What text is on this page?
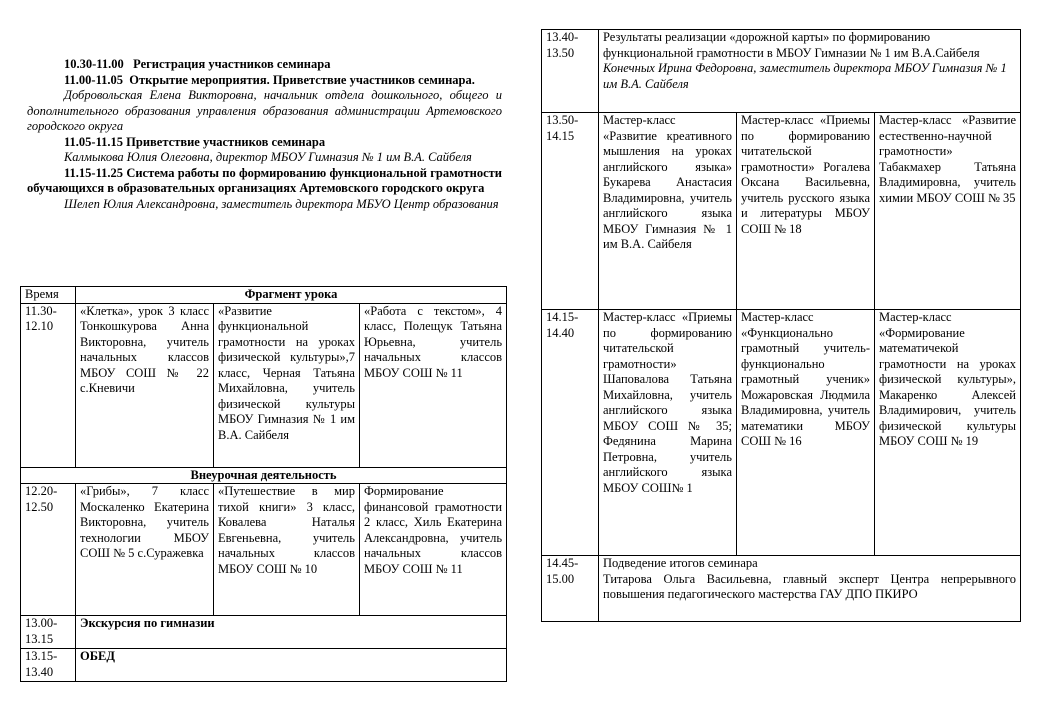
10.30-11.00 Регистрация участников семинара

11.00-11.05 Открытие мероприятия. Приветствие участников семинара.

Добровольская Елена Викторовна, начальник отдела дошкольного, общего и дополнительного образования управления образования администрации Артемовского городского округа

11.05-11.15 Приветствие участников семинара

Калмыкова Юлия Олеговна, директор МБОУ Гимназия № 1 им В.А. Сайбеля

11.15-11.25 Система работы по формированию функциональной грамотности обучающихся в образовательных организациях Артемовского городского округа

Шелеп Юлия Александровна, заместитель директора МБУО Центр образования

Время	Фрагмент урока		
11.30-12.10	«Клетка», урок 3 класс Тонкошкурова Анна Викторовна, учитель начальных классов МБОУ СОШ № 22 с.Кневичи	«Развитие функциональной грамотности на уроках физической культуры»,7 класс, Черная Татьяна Михайловна, учитель физической культуры МБОУ Гимназия № 1 им В.А. Сайбеля	«Работа с текстом», 4 класс, Полещук Татьяна Юрьевна, учитель начальных классов МБОУ СОШ № 11
Внеурочная деятельность			
12.20-12.50	«Грибы», 7 класс Москаленко Екатерина Викторовна, учитель технологии МБОУ СОШ № 5 с.Суражевка	«Путешествие в мир тихой книги» 3 класс, Ковалева Наталья Евгеньевна, учитель начальных классов МБОУ СОШ № 10	Формирование финансовой грамотности 2 класс, Хиль Екатерина Александровна, учитель начальных классов МБОУ СОШ № 11
13.00-13.15	Экскурсия по гимназии		
13.15-13.40	ОБЕД		
13.40-13.50	Результаты реализации «дорожной карты» по формированию функциональной грамотности в МБОУ Гимназии № 1 им В.А.Сайбеля
Конечных Ирина Федоровна, заместитель директора МБОУ Гимназия № 1 им В.А. Сайбеля		

13.50-14.15	Мастер-класс «Развитие креативного мышления на уроках английского языка» Букарева Анастасия Владимировна, учитель английского языка МБОУ Гимназия № 1 им В.А. Сайбеля	Мастер-класс «Приемы по формированию читательской грамотности» Рогалева Оксана Васильевна, учитель русского языка и литературы МБОУ СОШ № 18	Мастер-класс «Развитие естественно-научной грамотности» Табакмахер Татьяна Владимировна, учитель химии МБОУ СОШ № 35
14.15-14.40	Мастер-класс «Приемы по формированию читательской грамотности» Шаповалова Татьяна Михайловна, учитель английского языка МБОУ СОШ № 35; Федянина Марина Петровна, учитель английского языка МБОУ СОШ№ 1	Мастер-класс «Функционально грамотный учитель-функционально грамотный ученик» Можаровская Людмила Владимировна, учитель математики МБОУ СОШ № 16	Мастер-класс «Формирование математичекой грамотности на уроках физической культуры», Макаренко Алексей Владимирович, учитель физической культуры МБОУ СОШ № 19
14.45-15.00	Подведение итогов семинара
Титарова Ольга Васильевна, главный эксперт Центра непрерывного повышения педагогического мастерства ГАУ ДПО ПКИРО		
